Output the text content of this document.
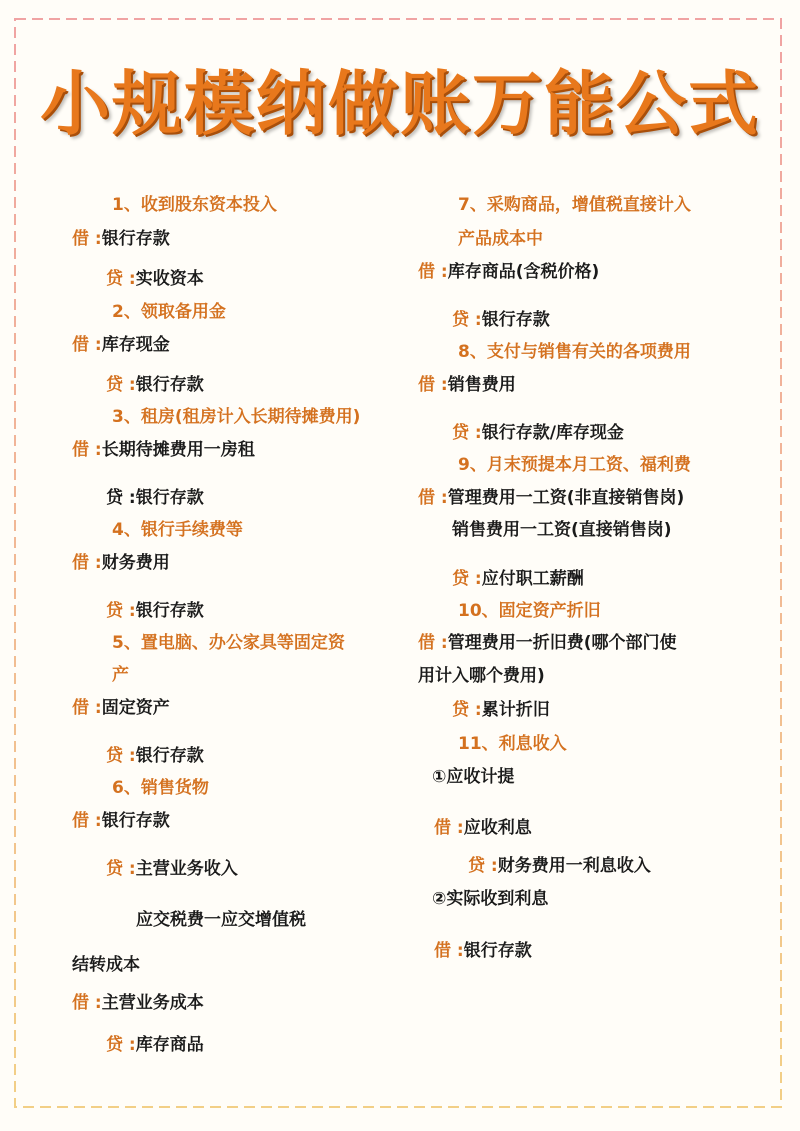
小规模纳做账万能公式
1、收到股东资本投入
借 :银行存款
贷 :实收资本
2、领取备用金
借 :库存现金
贷 :银行存款
3、租房(租房计入长期待摊费用)
借 :长期待摊费用一房租
贷 :银行存款
4、银行手续费等
借 :财务费用
贷 :银行存款
5、置电脑、办公家具等固定资
产
借 :固定资产
贷 :银行存款
6、销售货物
借 :银行存款
贷 :主营业务收入
应交税费一应交增值税
结转成本
借 :主营业务成本
贷 :库存商品
7、采购商品，增值税直接计入
产品成本中
借 :库存商品(含税价格)
贷 :银行存款
8、支付与销售有关的各项费用
借 :销售费用
贷 :银行存款/库存现金
9、月末预提本月工资、福利费
借 :管理费用一工资(非直接销售岗)
销售费用一工资(直接销售岗)
贷 :应付职工薪酬
10、固定资产折旧
借 :管理费用一折旧费(哪个部门使
用计入哪个费用)
贷 :累计折旧
11、利息收入
①应收计提
借 :应收利息
贷 :财务费用一利息收入
②实际收到利息
借 :银行存款
